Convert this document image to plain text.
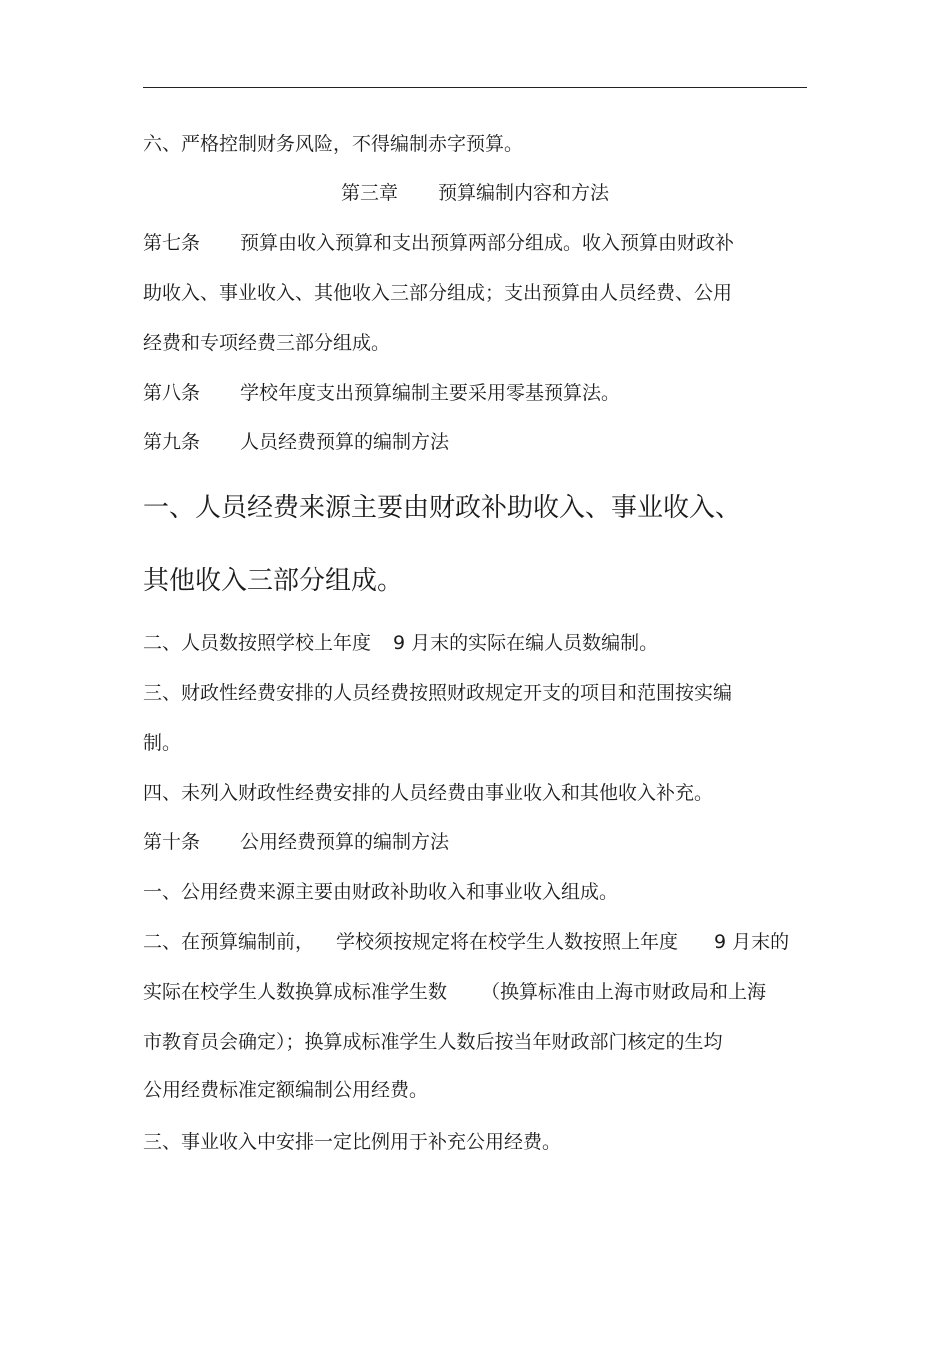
六、严格控制财务风险，不得编制赤字预算。
第三章 预算编制内容和方法
第七条 预算由收入预算和支出预算两部分组成。收入预算由财政补
助收入、事业收入、其他收入三部分组成；支出预算由人员经费、公用
经费和专项经费三部分组成。
第八条 学校年度支出预算编制主要采用零基预算法。
第九条 人员经费预算的编制方法
一、人员经费来源主要由财政补助收入、事业收入、
其他收入三部分组成。
二、人员数按照学校上年度 9 月末的实际在编人员数编制。
三、财政性经费安排的人员经费按照财政规定开支的项目和范围按实编
制。
四、未列入财政性经费安排的人员经费由事业收入和其他收入补充。
第十条 公用经费预算的编制方法
一、公用经费来源主要由财政补助收入和事业收入组成。
二、在预算编制前， 学校须按规定将在校学生人数按照上年度 9 月末的
实际在校学生人数换算成标准学生数 （换算标准由上海市财政局和上海
市教育员会确定）；换算成标准学生人数后按当年财政部门核定的生均
公用经费标准定额编制公用经费。
三、事业收入中安排一定比例用于补充公用经费。
